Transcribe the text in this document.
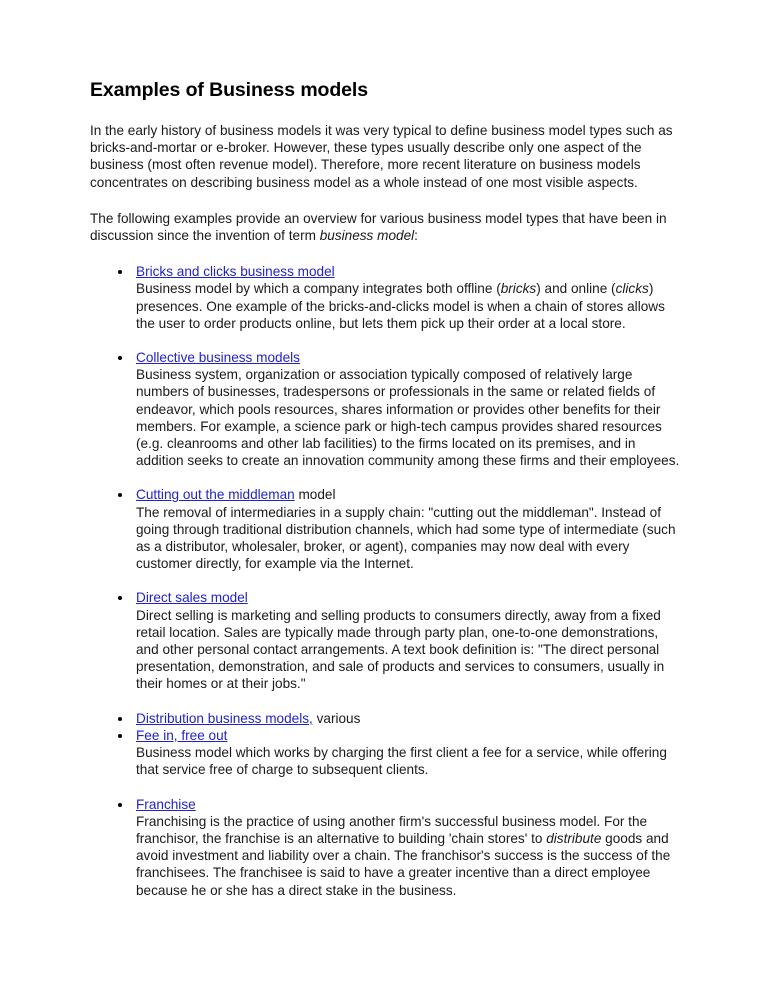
Examples of Business models

In the early history of business models it was very typical to define business model types such as bricks-and-mortar or e-broker. However, these types usually describe only one aspect of the business (most often revenue model). Therefore, more recent literature on business models concentrates on describing business model as a whole instead of one most visible aspects.

The following examples provide an overview for various business model types that have been in discussion since the invention of term business model:

Bricks and clicks business model
Business model by which a company integrates both offline (bricks) and online (clicks) presences. One example of the bricks-and-clicks model is when a chain of stores allows the user to order products online, but lets them pick up their order at a local store.
Collective business models
Business system, organization or association typically composed of relatively large numbers of businesses, tradespersons or professionals in the same or related fields of endeavor, which pools resources, shares information or provides other benefits for their members. For example, a science park or high-tech campus provides shared resources (e.g. cleanrooms and other lab facilities) to the firms located on its premises, and in addition seeks to create an innovation community among these firms and their employees.
Cutting out the middleman model
The removal of intermediaries in a supply chain: "cutting out the middleman". Instead of going through traditional distribution channels, which had some type of intermediate (such as a distributor, wholesaler, broker, or agent), companies may now deal with every customer directly, for example via the Internet.
Direct sales model
Direct selling is marketing and selling products to consumers directly, away from a fixed retail location. Sales are typically made through party plan, one-to-one demonstrations, and other personal contact arrangements. A text book definition is: "The direct personal presentation, demonstration, and sale of products and services to consumers, usually in their homes or at their jobs."
Distribution business models, various
Fee in, free out
Business model which works by charging the first client a fee for a service, while offering that service free of charge to subsequent clients.
Franchise
Franchising is the practice of using another firm's successful business model. For the franchisor, the franchise is an alternative to building 'chain stores' to distribute goods and avoid investment and liability over a chain. The franchisor's success is the success of the franchisees. The franchisee is said to have a greater incentive than a direct employee because he or she has a direct stake in the business.
